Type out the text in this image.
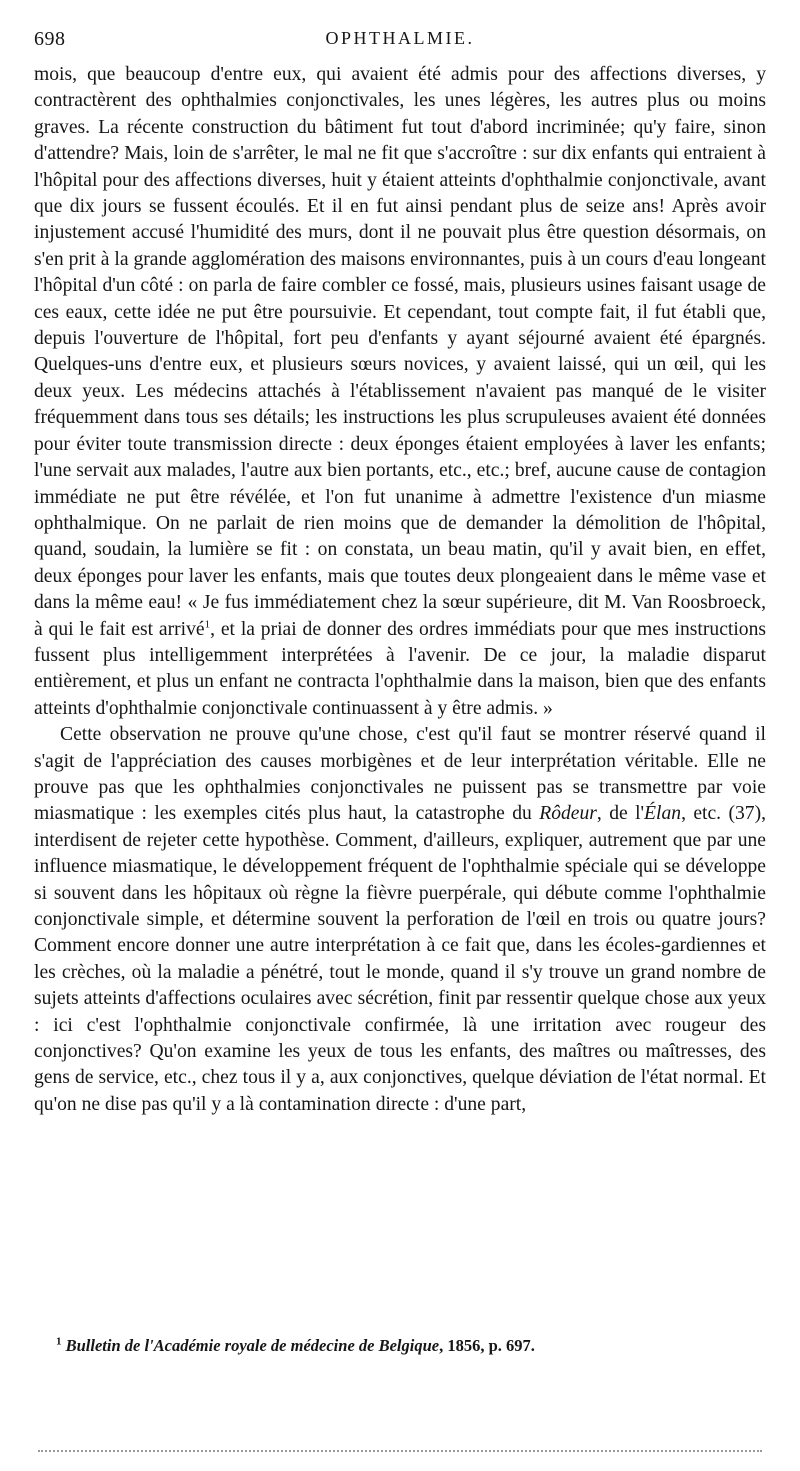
698	OPHTHALMIE.

mois, que beaucoup d'entre eux, qui avaient été admis pour des affections diverses, y contractèrent des ophthalmies conjonctivales, les unes légères, les autres plus ou moins graves. La récente construction du bâtiment fut tout d'abord incriminée; qu'y faire, sinon d'attendre? Mais, loin de s'arrêter, le mal ne fit que s'accroître : sur dix enfants qui entraient à l'hôpital pour des affections diverses, huit y étaient atteints d'ophthalmie conjonctivale, avant que dix jours se fussent écoulés. Et il en fut ainsi pendant plus de seize ans! Après avoir injustement accusé l'humidité des murs, dont il ne pouvait plus être question désormais, on s'en prit à la grande agglomération des maisons environnantes, puis à un cours d'eau longeant l'hôpital d'un côté : on parla de faire combler ce fossé, mais, plusieurs usines faisant usage de ces eaux, cette idée ne put être poursuivie. Et cependant, tout compte fait, il fut établi que, depuis l'ouverture de l'hôpital, fort peu d'enfants y ayant séjourné avaient été épargnés. Quelques-uns d'entre eux, et plusieurs sœurs novices, y avaient laissé, qui un œil, qui les deux yeux. Les médecins attachés à l'établissement n'avaient pas manqué de le visiter fréquemment dans tous ses détails; les instructions les plus scrupuleuses avaient été données pour éviter toute transmission directe : deux éponges étaient employées à laver les enfants; l'une servait aux malades, l'autre aux bien portants, etc., etc.; bref, aucune cause de contagion immédiate ne put être révélée, et l'on fut unanime à admettre l'existence d'un miasme ophthalmique. On ne parlait de rien moins que de demander la démolition de l'hôpital, quand, soudain, la lumière se fit : on constata, un beau matin, qu'il y avait bien, en effet, deux éponges pour laver les enfants, mais que toutes deux plongeaient dans le même vase et dans la même eau! « Je fus immédiatement chez la sœur supérieure, dit M. Van Roosbroeck, à qui le fait est arrivé$^1$, et la priai de donner des ordres immédiats pour que mes instructions fussent plus intelligemment interprétées à l'avenir. De ce jour, la maladie disparut entièrement, et plus un enfant ne contracta l'ophthalmie dans la maison, bien que des enfants atteints d'ophthalmie conjonctivale continuassent à y être admis. »

Cette observation ne prouve qu'une chose, c'est qu'il faut se montrer réservé quand il s'agit de l'appréciation des causes morbigènes et de leur interprétation véritable. Elle ne prouve pas que les ophthalmies conjonctivales ne puissent pas se transmettre par voie miasmatique : les exemples cités plus haut, la catastrophe du Rôdeur, de l'Élan, etc. (37), interdisent de rejeter cette hypothèse. Comment, d'ailleurs, expliquer, autrement que par une influence miasmatique, le développement fréquent de l'ophthalmie spéciale qui se développe si souvent dans les hôpitaux où règne la fièvre puerpérale, qui débute comme l'ophthalmie conjonctivale simple, et détermine souvent la perforation de l'œil en trois ou quatre jours? Comment encore donner une autre interprétation à ce fait que, dans les écoles-gardiennes et les crèches, où la maladie a pénétré, tout le monde, quand il s'y trouve un grand nombre de sujets atteints d'affections oculaires avec sécrétion, finit par ressentir quelque chose aux yeux : ici c'est l'ophthalmie conjonctivale confirmée, là une irritation avec rougeur des conjonctives? Qu'on examine les yeux de tous les enfants, des maîtres ou maîtresses, des gens de service, etc., chez tous il y a, aux conjonctives, quelque déviation de l'état normal. Et qu'on ne dise pas qu'il y a là contamination directe : d'une part,

$^1$ Bulletin de l'Académie royale de médecine de Belgique, 1856, p. 697.
